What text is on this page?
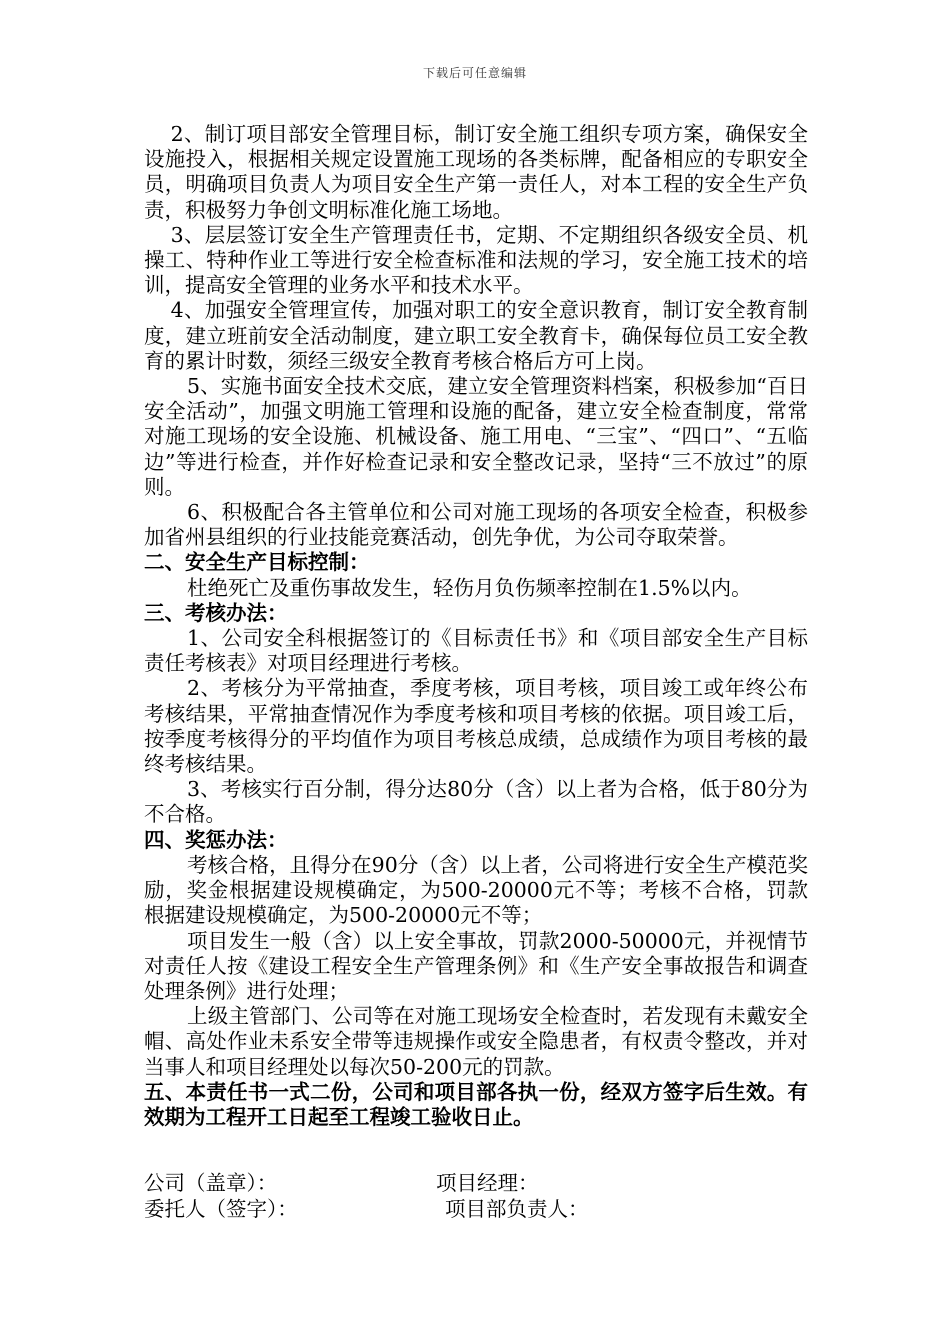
下载后可任意编辑

2、制订项目部安全管理目标，制订安全施工组织专项方案，确保安全设施投入，根据相关规定设置施工现场的各类标牌，配备相应的专职安全员，明确项目负责人为项目安全生产第一责任人，对本工程的安全生产负责，积极努力争创文明标准化施工场地。

3、层层签订安全生产管理责任书，定期、不定期组织各级安全员、机操工、特种作业工等进行安全检查标准和法规的学习，安全施工技术的培训，提高安全管理的业务水平和技术水平。

4、加强安全管理宣传，加强对职工的安全意识教育，制订安全教育制度，建立班前安全活动制度，建立职工安全教育卡，确保每位员工安全教育的累计时数，须经三级安全教育考核合格后方可上岗。

5、实施书面安全技术交底，建立安全管理资料档案，积极参加“百日安全活动”，加强文明施工管理和设施的配备，建立安全检查制度，常常对施工现场的安全设施、机械设备、施工用电、“三宝”、“四口”、“五临边”等进行检查，并作好检查记录和安全整改记录，坚持“三不放过”的原则。

6、积极配合各主管单位和公司对施工现场的各项安全检查，积极参加省州县组织的行业技能竞赛活动，创先争优，为公司夺取荣誉。

二、安全生产目标控制：

杜绝死亡及重伤事故发生，轻伤月负伤频率控制在1.5%以内。

三、考核办法：

1、公司安全科根据签订的《目标责任书》和《项目部安全生产目标责任考核表》对项目经理进行考核。

2、考核分为平常抽查，季度考核，项目考核，项目竣工或年终公布考核结果，平常抽查情况作为季度考核和项目考核的依据。项目竣工后，按季度考核得分的平均值作为项目考核总成绩，总成绩作为项目考核的最终考核结果。

3、考核实行百分制，得分达80分（含）以上者为合格，低于80分为不合格。

四、奖惩办法：

考核合格，且得分在90分（含）以上者，公司将进行安全生产模范奖励，奖金根据建设规模确定，为500-20000元不等；考核不合格，罚款根据建设规模确定，为500-20000元不等；

项目发生一般（含）以上安全事故，罚款2000-50000元，并视情节对责任人按《建设工程安全生产管理条例》和《生产安全事故报告和调查处理条例》进行处理；

上级主管部门、公司等在对施工现场安全检查时，若发现有未戴安全帽、高处作业未系安全带等违规操作或安全隐患者，有权责令整改，并对当事人和项目经理处以每次50-200元的罚款。

五、本责任书一式二份，公司和项目部各执一份，经双方签字后生效。有效期为工程开工日起至工程竣工验收日止。

公司（盖章）：	项目经理：
委托人（签字）：	项目部负责人：
